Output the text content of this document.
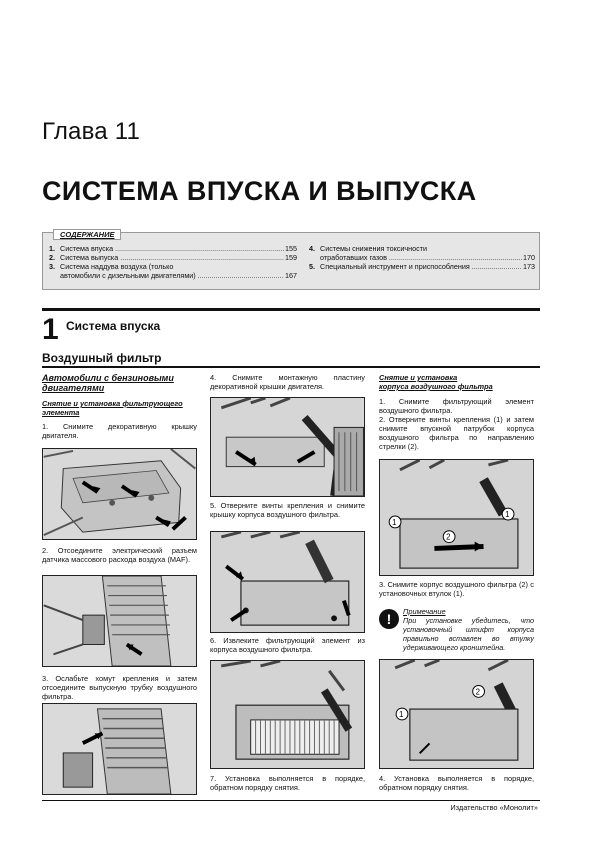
Глава 11
СИСТЕМА ВПУСКА И ВЫПУСКА
СОДЕРЖАНИЕ
1. Система впуска .....	155
2. Система выпуска .....	159
3. Система наддува воздуха (только
автомобили с дизельными двигателями) .....	167
4. Системы снижения токсичности
отработавших газов .....	170
5. Специальный инструмент и приспособления .....	173
1 Система впуска
Воздушный фильтр
Автомобили с бензиновыми двигателями
Снятие и установка фильтрующего элемента
1. Снимите декоративную крышку двигателя.
2. Отсоедините электрический разъем датчика массового расхода воздуха (MAF).
3. Ослабьте хомут крепления и затем отсоедините выпускную трубку воздушного фильтра.
4. Снимите монтажную пластину декоративной крышки двигателя.
5. Отверните винты крепления и снимите крышку корпуса воздушного фильтра.
6. Извлеките фильтрующий элемент из корпуса воздушного фильтра.
7. Установка выполняется в порядке, обратном порядку снятия.
Снятие и установка
корпуса воздушного фильтра
1. Снимите фильтрующий элемент воздушного фильтра.
2. Отверните винты крепления (1) и затем снимите впускной патрубок корпуса воздушного фильтра по направлению стрелки (2).
3. Снимите корпус воздушного фильтра (2) с установочных втулок (1).
!	Примечание
При установке убедитесь, что установочный штифт корпуса правильно вставлен во втулку удерживающего кронштейна.
4. Установка выполняется в порядке, обратном порядку снятия.
1
1
2
2
1
Издательство «Монолит»
